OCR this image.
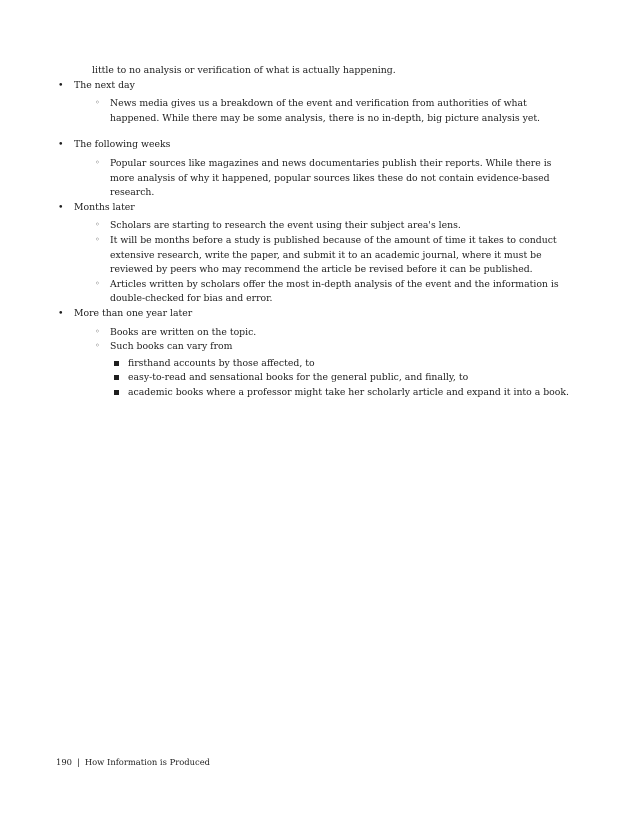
little to no analysis or verification of what is actually happening.
• The next day
◦ News media gives us a breakdown of the event and verification from authorities of what happened. While there may be some analysis, there is no in-depth, big picture analysis yet.
• The following weeks
◦ Popular sources like magazines and news documentaries publish their reports. While there is more analysis of why it happened, popular sources likes these do not contain evidence-based research.
• Months later
◦ Scholars are starting to research the event using their subject area's lens.
◦ It will be months before a study is published because of the amount of time it takes to conduct extensive research, write the paper, and submit it to an academic journal, where it must be reviewed by peers who may recommend the article be revised before it can be published.
◦ Articles written by scholars offer the most in-depth analysis of the event and the information is double-checked for bias and error.
• More than one year later
◦ Books are written on the topic.
◦ Such books can vary from
firsthand accounts by those affected, to
easy-to-read and sensational books for the general public, and finally, to
academic books where a professor might take her scholarly article and expand it into a book.
190 | How Information is Produced
